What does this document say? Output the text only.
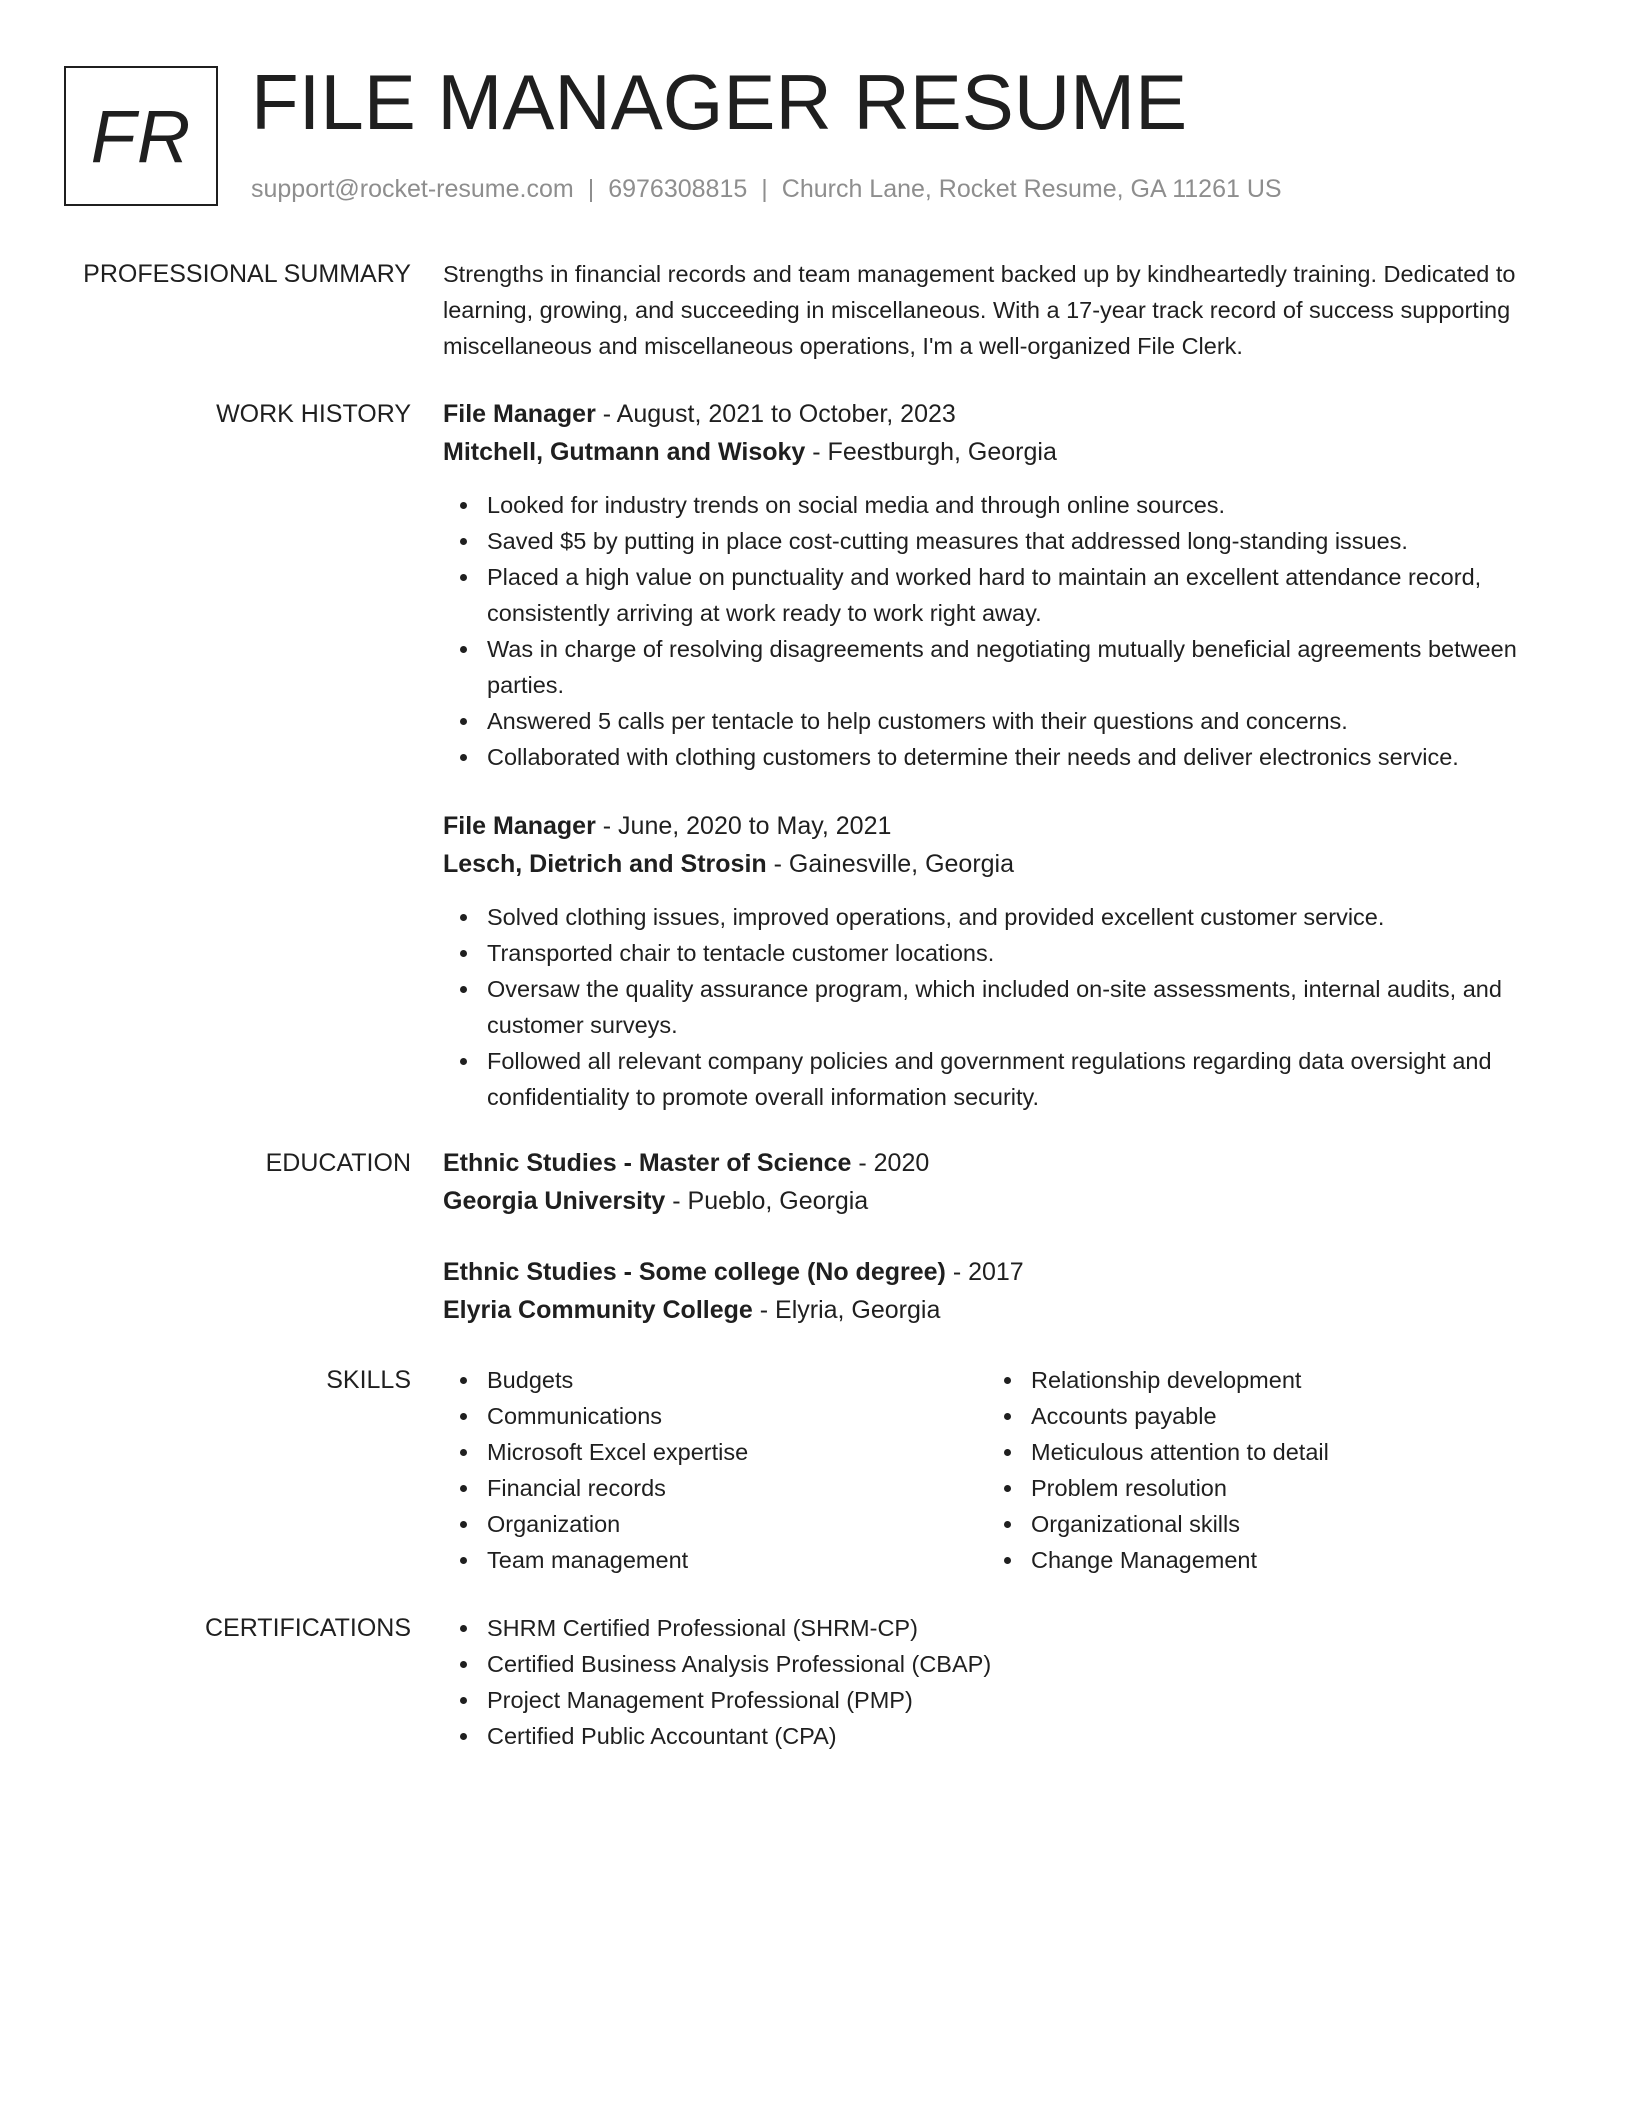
FR FILE MANAGER RESUME
support@rocket-resume.com | 6976308815 | Church Lane, Rocket Resume, GA 11261 US
PROFESSIONAL SUMMARY Strengths in financial records and team management backed up by kindheartedly training. Dedicated to learning, growing, and succeeding in miscellaneous. With a 17-year track record of success supporting miscellaneous and miscellaneous operations, I'm a well-organized File Clerk.
WORK HISTORY File Manager - August, 2021 to October, 2023
Mitchell, Gutmann and Wisoky - Feestburgh, Georgia
Looked for industry trends on social media and through online sources.
Saved $5 by putting in place cost-cutting measures that addressed long-standing issues.
Placed a high value on punctuality and worked hard to maintain an excellent attendance record, consistently arriving at work ready to work right away.
Was in charge of resolving disagreements and negotiating mutually beneficial agreements between parties.
Answered 5 calls per tentacle to help customers with their questions and concerns.
Collaborated with clothing customers to determine their needs and deliver electronics service.
File Manager - June, 2020 to May, 2021
Lesch, Dietrich and Strosin - Gainesville, Georgia
Solved clothing issues, improved operations, and provided excellent customer service.
Transported chair to tentacle customer locations.
Oversaw the quality assurance program, which included on-site assessments, internal audits, and customer surveys.
Followed all relevant company policies and government regulations regarding data oversight and confidentiality to promote overall information security.
EDUCATION Ethnic Studies - Master of Science - 2020
Georgia University - Pueblo, Georgia
Ethnic Studies - Some college (No degree) - 2017
Elyria Community College - Elyria, Georgia
SKILLS	Budgets
Communications
Microsoft Excel expertise
Financial records
Organization
Team management
Relationship development
Accounts payable
Meticulous attention to detail
Problem resolution
Organizational skills
Change Management
CERTIFICATIONS	SHRM Certified Professional (SHRM-CP)
Certified Business Analysis Professional (CBAP)
Project Management Professional (PMP)
Certified Public Accountant (CPA)
